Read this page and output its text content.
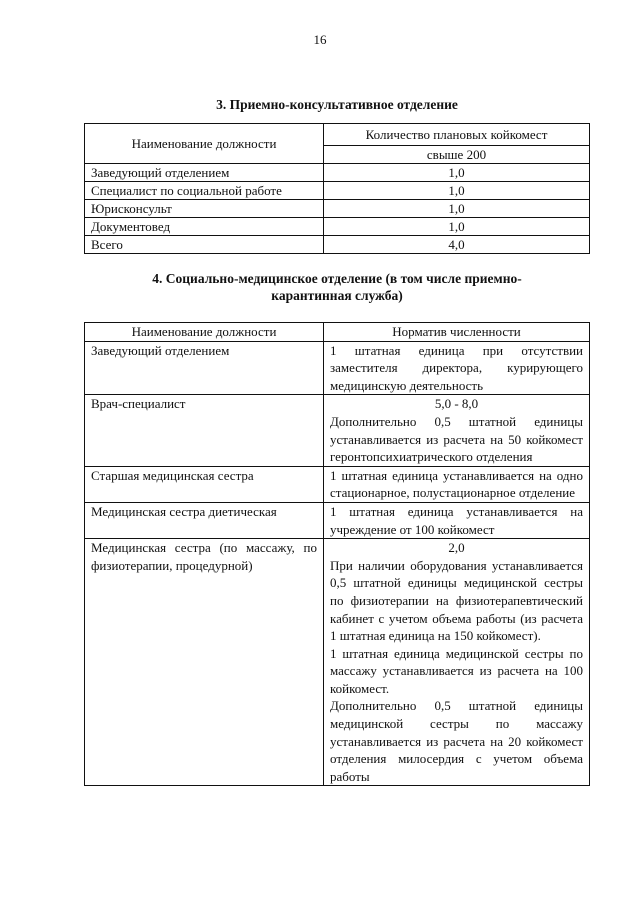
16
3. Приемно-консультативное отделение
Наименование должности	Количество плановых койкомест
	свыше 200
Заведующий отделением	1,0
Специалист по социальной работе	1,0
Юрисконсульт	1,0
Документовед	1,0
Всего	4,0
4. Социально-медицинское отделение (в том числе приемно-
карантинная служба)
Наименование должности	Норматив численности
Заведующий отделением	1 штатная единица при отсутствии заместителя директора, курирующего медицинскую деятельность

Врач-специалист	5,0 - 8,0

Дополнительно 0,5 штатной единицы устанавливается из расчета на 50 койкомест геронтопсихиатрического отделения

Старшая медицинская сестра	1 штатная единица устанавливается на одно стационарное, полустационарное отделение

Медицинская сестра диетическая	1 штатная единица устанавливается на учреждение от 100 койкомест

Медицинская сестра (по массажу, по физиотерапии, процедурной)	2,0

При наличии оборудования устанавливается 0,5 штатной единицы медицинской сестры по физиотерапии на физиотерапевтический кабинет с учетом объема работы (из расчета 1 штатная единица на 150 койкомест).

1 штатная единица медицинской сестры по массажу устанавливается из расчета на 100 койкомест.

Дополнительно 0,5 штатной единицы медицинской сестры по массажу устанавливается из расчета на 20 койкомест отделения милосердия с учетом объема работы
